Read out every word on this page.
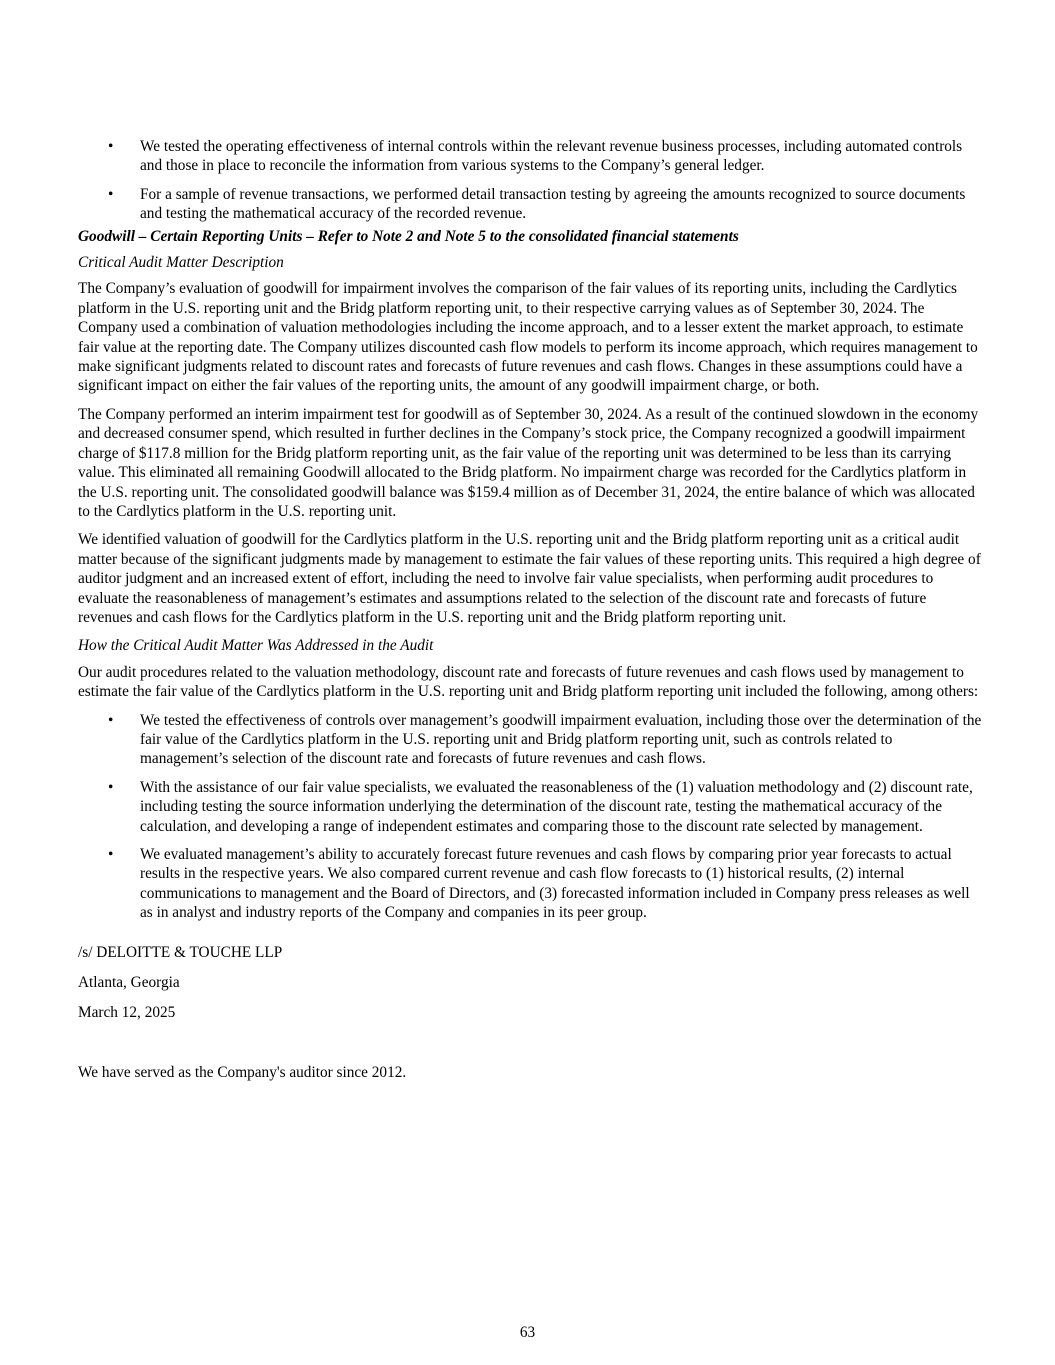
• We tested the operating effectiveness of internal controls within the relevant revenue business processes, including automated controls and those in place to reconcile the information from various systems to the Company’s general ledger.
• For a sample of revenue transactions, we performed detail transaction testing by agreeing the amounts recognized to source documents and testing the mathematical accuracy of the recorded revenue.
Goodwill – Certain Reporting Units – Refer to Note 2 and Note 5 to the consolidated financial statements
Critical Audit Matter Description

The Company’s evaluation of goodwill for impairment involves the comparison of the fair values of its reporting units, including the Cardlytics platform in the U.S. reporting unit and the Bridg platform reporting unit, to their respective carrying values as of September 30, 2024. The Company used a combination of valuation methodologies including the income approach, and to a lesser extent the market approach, to estimate fair value at the reporting date. The Company utilizes discounted cash flow models to perform its income approach, which requires management to make significant judgments related to discount rates and forecasts of future revenues and cash flows. Changes in these assumptions could have a significant impact on either the fair values of the reporting units, the amount of any goodwill impairment charge, or both.

The Company performed an interim impairment test for goodwill as of September 30, 2024. As a result of the continued slowdown in the economy and decreased consumer spend, which resulted in further declines in the Company’s stock price, the Company recognized a goodwill impairment charge of $117.8 million for the Bridg platform reporting unit, as the fair value of the reporting unit was determined to be less than its carrying value. This eliminated all remaining Goodwill allocated to the Bridg platform. No impairment charge was recorded for the Cardlytics platform in the U.S. reporting unit. The consolidated goodwill balance was $159.4 million as of December 31, 2024, the entire balance of which was allocated to the Cardlytics platform in the U.S. reporting unit.

We identified valuation of goodwill for the Cardlytics platform in the U.S. reporting unit and the Bridg platform reporting unit as a critical audit matter because of the significant judgments made by management to estimate the fair values of these reporting units. This required a high degree of auditor judgment and an increased extent of effort, including the need to involve fair value specialists, when performing audit procedures to evaluate the reasonableness of management’s estimates and assumptions related to the selection of the discount rate and forecasts of future revenues and cash flows for the Cardlytics platform in the U.S. reporting unit and the Bridg platform reporting unit.

How the Critical Audit Matter Was Addressed in the Audit

Our audit procedures related to the valuation methodology, discount rate and forecasts of future revenues and cash flows used by management to estimate the fair value of the Cardlytics platform in the U.S. reporting unit and Bridg platform reporting unit included the following, among others:

• We tested the effectiveness of controls over management’s goodwill impairment evaluation, including those over the determination of the fair value of the Cardlytics platform in the U.S. reporting unit and Bridg platform reporting unit, such as controls related to management’s selection of the discount rate and forecasts of future revenues and cash flows.
• With the assistance of our fair value specialists, we evaluated the reasonableness of the (1) valuation methodology and (2) discount rate, including testing the source information underlying the determination of the discount rate, testing the mathematical accuracy of the calculation, and developing a range of independent estimates and comparing those to the discount rate selected by management.
• We evaluated management’s ability to accurately forecast future revenues and cash flows by comparing prior year forecasts to actual results in the respective years. We also compared current revenue and cash flow forecasts to (1) historical results, (2) internal communications to management and the Board of Directors, and (3) forecasted information included in Company press releases as well as in analyst and industry reports of the Company and companies in its peer group.

/s/ DELOITTE & TOUCHE LLP

Atlanta, Georgia

March 12, 2025

We have served as the Company's auditor since 2012.

63
